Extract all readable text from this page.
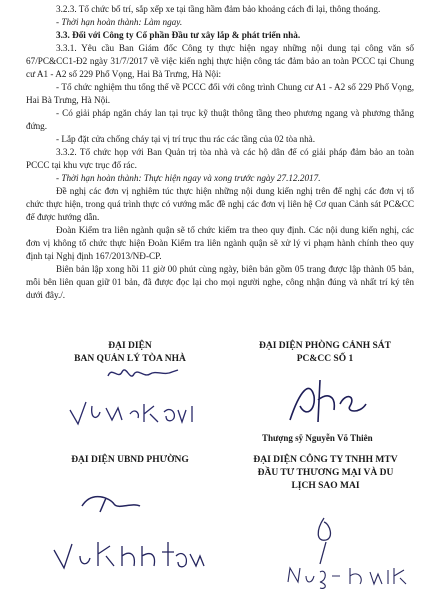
3.2.3. Tổ chức bố trí, sắp xếp xe tại tầng hầm đảm bảo khoảng cách đi lại, thông thoáng.

- Thời hạn hoàn thành: Làm ngay.

3.3. Đối với Công ty Cổ phần Đầu tư xây lắp & phát triển nhà.

3.3.1. Yêu cầu Ban Giám đốc Công ty thực hiện ngay những nội dung tại công văn số 67/PC&CC1-Đ2 ngày 31/7/2017 về việc kiến nghị thực hiện công tác đảm bảo an toàn PCCC tại Chung cư A1 - A2 số 229 Phố Vọng, Hai Bà Trưng, Hà Nội:

- Tổ chức nghiệm thu tổng thể về PCCC đối với công trình Chung cư A1 - A2 số 229 Phố Vọng, Hai Bà Trưng, Hà Nội.

- Có giải pháp ngăn cháy lan tại trục kỹ thuật thông tầng theo phương ngang và phương thẳng đứng.

- Lắp đặt cửa chống cháy tại vị trí trục thu rác các tầng của 02 tòa nhà.

3.3.2. Tổ chức họp với Ban Quản trị tòa nhà và các hộ dân để có giải pháp đảm bảo an toàn PCCC tại khu vực trục đổ rác.

- Thời hạn hoàn thành: Thực hiện ngay và xong trước ngày 27.12.2017.

Đề nghị các đơn vị nghiêm túc thực hiện những nội dung kiến nghị trên để nghị các đơn vị tổ chức thực hiện, trong quá trình thực có vướng mắc đề nghị các đơn vị liên hệ Cơ quan Cảnh sát PC&CC để được hướng dẫn.

Đoàn Kiểm tra liên ngành quận sẽ tổ chức kiểm tra theo quy định. Các nội dung kiến nghị, các đơn vị không tổ chức thực hiện Đoàn Kiểm tra liên ngành quận sẽ xử lý vi phạm hành chính theo quy định tại Nghị định 167/2013/NĐ-CP.

Biên bản lập xong hồi 11 giờ 00 phút cùng ngày, biên bản gồm 05 trang được lập thành 05 bản, mỗi bên liên quan giữ 01 bản, đã được đọc lại cho mọi người nghe, công nhận đúng và nhất trí ký tên dưới đây./.

ĐẠI DIỆN
BAN QUẢN LÝ TÒA NHÀ
ĐẠI DIỆN PHÒNG CẢNH SÁT
PC&CC SỐ 1
Thượng sỹ Nguyễn Võ Thiên
ĐẠI DIỆN UBND PHƯỜNG	ĐẠI DIỆN CÔNG TY TNHH MTV
ĐẦU TƯ THƯƠNG MẠI VÀ DU
LỊCH SAO MAI
